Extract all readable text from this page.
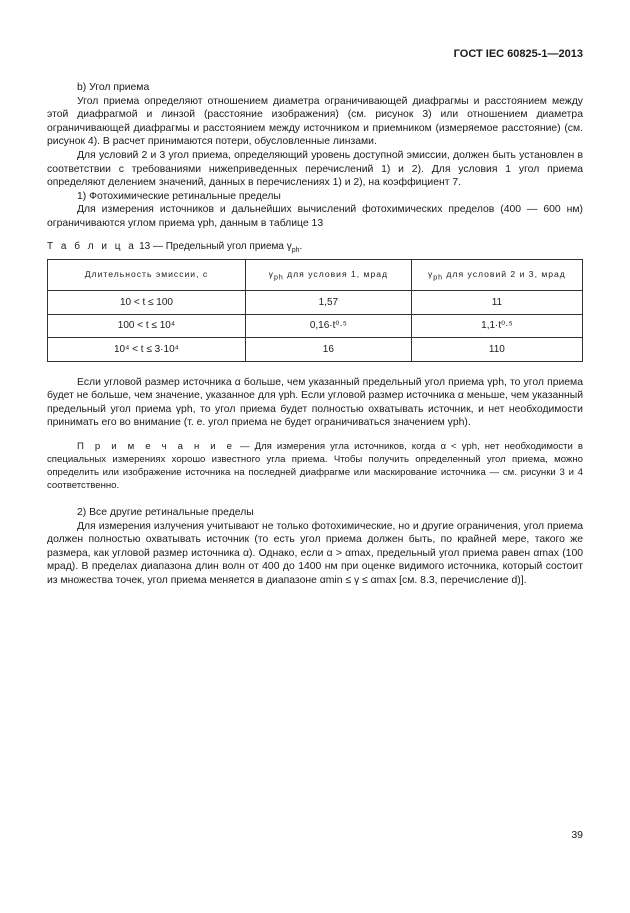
ГОСТ IEC 60825-1—2013

b) Угол приема

Угол приема определяют отношением диаметра ограничивающей диафрагмы и расстоянием между этой диафрагмой и линзой (расстояние изображения) (см. рисунок 3) или отношением диаметра ограничивающей диафрагмы и расстоянием между источником и приемником (измеряемое расстояние) (см. рисунок 4). В расчет принимаются потери, обусловленные линзами.

Для условий 2 и 3 угол приема, определяющий уровень доступной эмиссии, должен быть установлен в соответствии с требованиями нижеприведенных перечислений 1) и 2). Для условия 1 угол приема определяют делением значений, данных в перечислениях 1) и 2), на коэффициент 7.

1) Фотохимические ретинальные пределы

Для измерения источников и дальнейших вычислений фотохимических пределов (400 — 600 нм) ограничиваются углом приема γph, данным в таблице 13

Т а б л и ц а 13 — Предельный угол приема $\gamma_{ph}$.

Длительность эмиссии, с	$\gamma_{ph}$ для условия 1, мрад	$\gamma_{ph}$ для условий 2 и 3, мрад
10 < t ≤ 100	1,57	11
100 < t ≤ 10⁴	0,16·t⁰·⁵	1,1·t⁰·⁵
10⁴ < t ≤ 3·10⁴	16	110

Если угловой размер источника α больше, чем указанный предельный угол приема γph, то угол приема будет не больше, чем значение, указанное для γph. Если угловой размер источника α меньше, чем указанный предельный угол приема γph, то угол приема будет полностью охватывать источник, и нет необходимости принимать его во внимание (т. е. угол приема не будет ограничиваться значением γph).

П р и м е ч а н и е — Для измерения угла источников, когда α < γph, нет необходимости в специальных измерениях хорошо известного угла приема. Чтобы получить определенный угол приема, можно определить или изображение источника на последней диафрагме или маскирование источника — см. рисунки 3 и 4 соответственно.

2) Все другие ретинальные пределы

Для измерения излучения учитывают не только фотохимические, но и другие ограничения, угол приема должен полностью охватывать источник (то есть угол приема должен быть, по крайней мере, такого же размера, как угловой размер источника α). Однако, если α > αmax, предельный угол приема равен αmax (100 мрад). В пределах диапазона длин волн от 400 до 1400 нм при оценке видимого источника, который состоит из множества точек, угол приема меняется в диапазоне αmin ≤ γ ≤ αmax [см. 8.3, перечисление d)].

39
